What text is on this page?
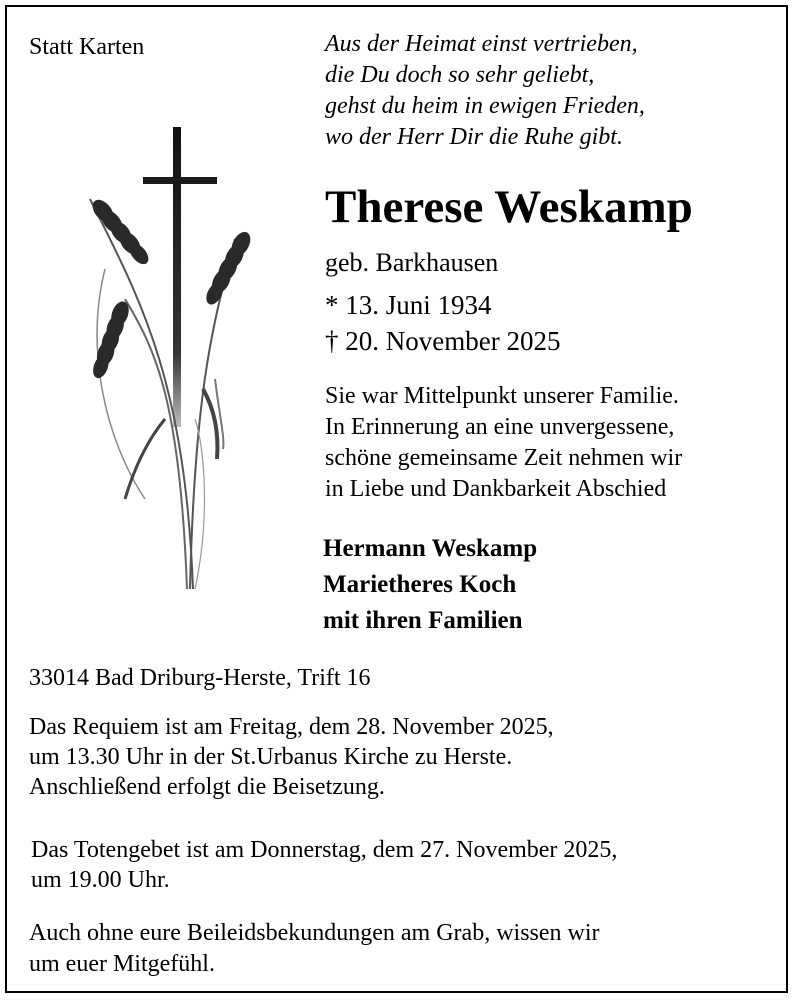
Statt Karten	Aus der Heimat einst vertrieben,
die Du doch so sehr geliebt,
gehst du heim in ewigen Frieden,
wo der Herr Dir die Ruhe gibt.
Therese Weskamp
geb. Barkhausen
* 13. Juni 1934
† 20. November 2025
Sie war Mittelpunkt unserer Familie.
In Erinnerung an eine unvergessene,
schöne gemeinsame Zeit nehmen wir
in Liebe und Dankbarkeit Abschied
Hermann Weskamp
Marietheres Koch
mit ihren Familien
33014 Bad Driburg-Herste, Trift 16
Das Requiem ist am Freitag, dem 28. November 2025,
um 13.30 Uhr in der St.Urbanus Kirche zu Herste.
Anschließend erfolgt die Beisetzung.
Das Totengebet ist am Donnerstag, dem 27. November 2025,
um 19.00 Uhr.
Auch ohne eure Beileidsbekundungen am Grab, wissen wir
um euer Mitgefühl.
